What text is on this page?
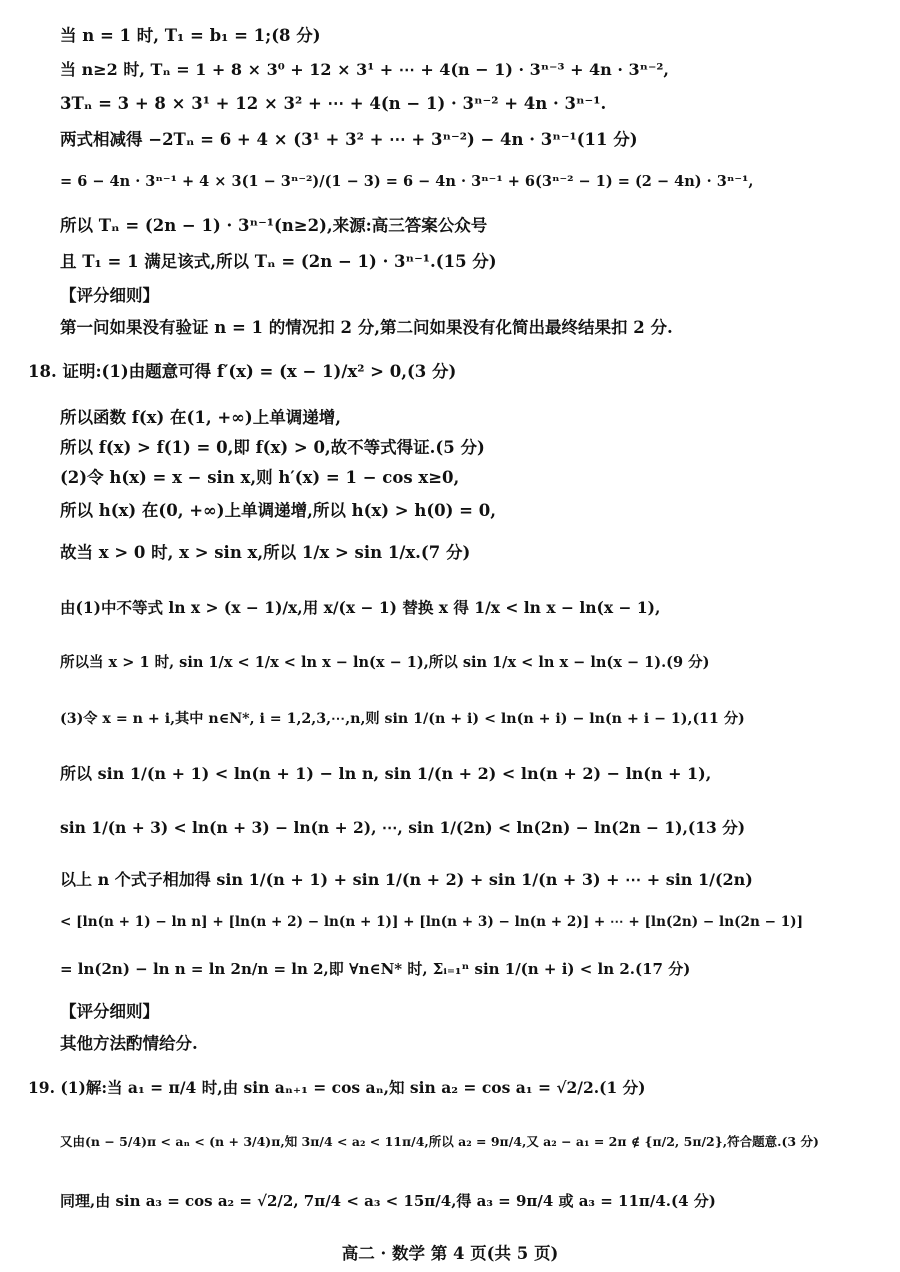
当 n = 1 时, T₁ = b₁ = 1;(8 分)
当 n≥2 时, Tₙ = 1 + 8 × 3⁰ + 12 × 3¹ + ⋯ + 4(n − 1) · 3ⁿ⁻³ + 4n · 3ⁿ⁻²,
3Tₙ = 3 + 8 × 3¹ + 12 × 3² + ⋯ + 4(n − 1) · 3ⁿ⁻² + 4n · 3ⁿ⁻¹.
两式相减得 −2Tₙ = 6 + 4 × (3¹ + 3² + ⋯ + 3ⁿ⁻²) − 4n · 3ⁿ⁻¹(11 分)
= 6 − 4n · 3ⁿ⁻¹ + 4 × 3(1 − 3ⁿ⁻²)/(1 − 3) = 6 − 4n · 3ⁿ⁻¹ + 6(3ⁿ⁻² − 1) = (2 − 4n) · 3ⁿ⁻¹,
所以 Tₙ = (2n − 1) · 3ⁿ⁻¹(n≥2),来源:高三答案公众号
且 T₁ = 1 满足该式,所以 Tₙ = (2n − 1) · 3ⁿ⁻¹.(15 分)
【评分细则】
第一问如果没有验证 n = 1 的情况扣 2 分,第二问如果没有化简出最终结果扣 2 分.
18. 证明:(1)由题意可得 f′(x) = (x − 1)/x² > 0,(3 分)
所以函数 f(x) 在(1, +∞)上单调递增,
所以 f(x) > f(1) = 0,即 f(x) > 0,故不等式得证.(5 分)
(2)令 h(x) = x − sin x,则 h′(x) = 1 − cos x≥0,
所以 h(x) 在(0, +∞)上单调递增,所以 h(x) > h(0) = 0,
故当 x > 0 时, x > sin x,所以 1/x > sin 1/x.(7 分)
由(1)中不等式 ln x > (x − 1)/x,用 x/(x − 1) 替换 x 得 1/x < ln x − ln(x − 1),
所以当 x > 1 时, sin 1/x < 1/x < ln x − ln(x − 1),所以 sin 1/x < ln x − ln(x − 1).(9 分)
(3)令 x = n + i,其中 n∈N*, i = 1,2,3,⋯,n,则 sin 1/(n + i) < ln(n + i) − ln(n + i − 1),(11 分)
所以 sin 1/(n + 1) < ln(n + 1) − ln n, sin 1/(n + 2) < ln(n + 2) − ln(n + 1),
sin 1/(n + 3) < ln(n + 3) − ln(n + 2), ⋯, sin 1/(2n) < ln(2n) − ln(2n − 1),(13 分)
以上 n 个式子相加得 sin 1/(n + 1) + sin 1/(n + 2) + sin 1/(n + 3) + ⋯ + sin 1/(2n)
< [ln(n + 1) − ln n] + [ln(n + 2) − ln(n + 1)] + [ln(n + 3) − ln(n + 2)] + ⋯ + [ln(2n) − ln(2n − 1)]
= ln(2n) − ln n = ln 2n/n = ln 2,即 ∀n∈N* 时, Σᵢ₌₁ⁿ sin 1/(n + i) < ln 2.(17 分)
【评分细则】
其他方法酌情给分.
19. (1)解:当 a₁ = π/4 时,由 sin aₙ₊₁ = cos aₙ,知 sin a₂ = cos a₁ = √2/2.(1 分)
又由(n − 5/4)π < aₙ < (n + 3/4)π,知 3π/4 < a₂ < 11π/4,所以 a₂ = 9π/4,又 a₂ − a₁ = 2π ∉ {π/2, 5π/2},符合题意.(3 分)
同理,由 sin a₃ = cos a₂ = √2/2, 7π/4 < a₃ < 15π/4,得 a₃ = 9π/4 或 a₃ = 11π/4.(4 分)
高二 · 数学 第 4 页(共 5 页)
